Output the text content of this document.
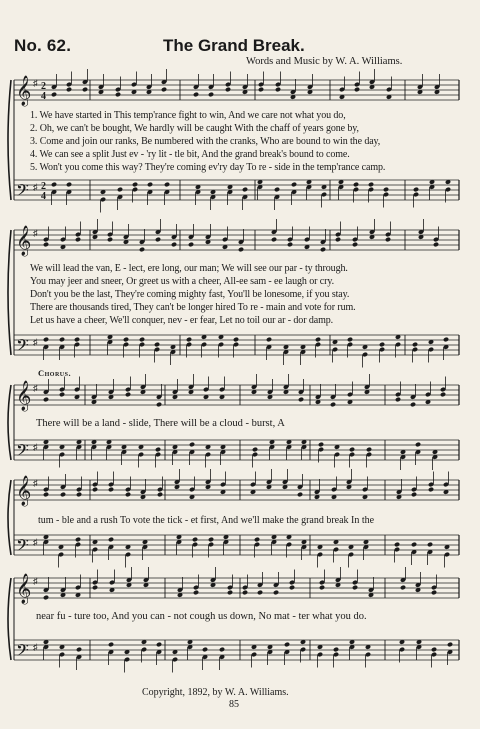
𝄞 ♯ 2
4
𝄢 ♯ 2
4
𝄞 ♯
𝄢 ♯
𝄞 ♯
𝄢 ♯
𝄞 ♯
𝄢 ♯
𝄞 ♯
𝄢 ♯
No. 62.	The Grand Break.
Words and Music by W. A. Williams.
1. We have started in This temp'rance fight to win, And we care not what you do,
2. Oh, we can't be bought, We hardly will be caught With the chaff of years gone by,
3. Come and join our ranks, Be numbered with the cranks, Who are bound to win the day,
4. We can see a split Just ev - 'ry lit - tle bit, And the grand break's bound to come.
5. Won't you come this way? They're coming ev'ry day To re - side in the temp'rance camp.
We will lead the van, E - lect, ere long, our man; We will see our par - ty through.
You may jeer and sneer, Or greet us with a cheer, All-ee sam - ee laugh or cry.
Don't you be the last, They're coming mighty fast, You'll be lonesome, if you stay.
There are thousands tired, They can't be longer hired To re - main and vote for rum.
Let us have a cheer, We'll conquer, nev - er fear, Let no toil our ar - dor damp.
Chorus.
There will be a land - slide, There will be a cloud - burst, A
tum - ble and a rush To vote the tick - et first, And we'll make the grand break In the
near fu - ture too, And you can - not cough us down, No mat - ter what you do.
Copyright, 1892, by W. A. Williams.
85
